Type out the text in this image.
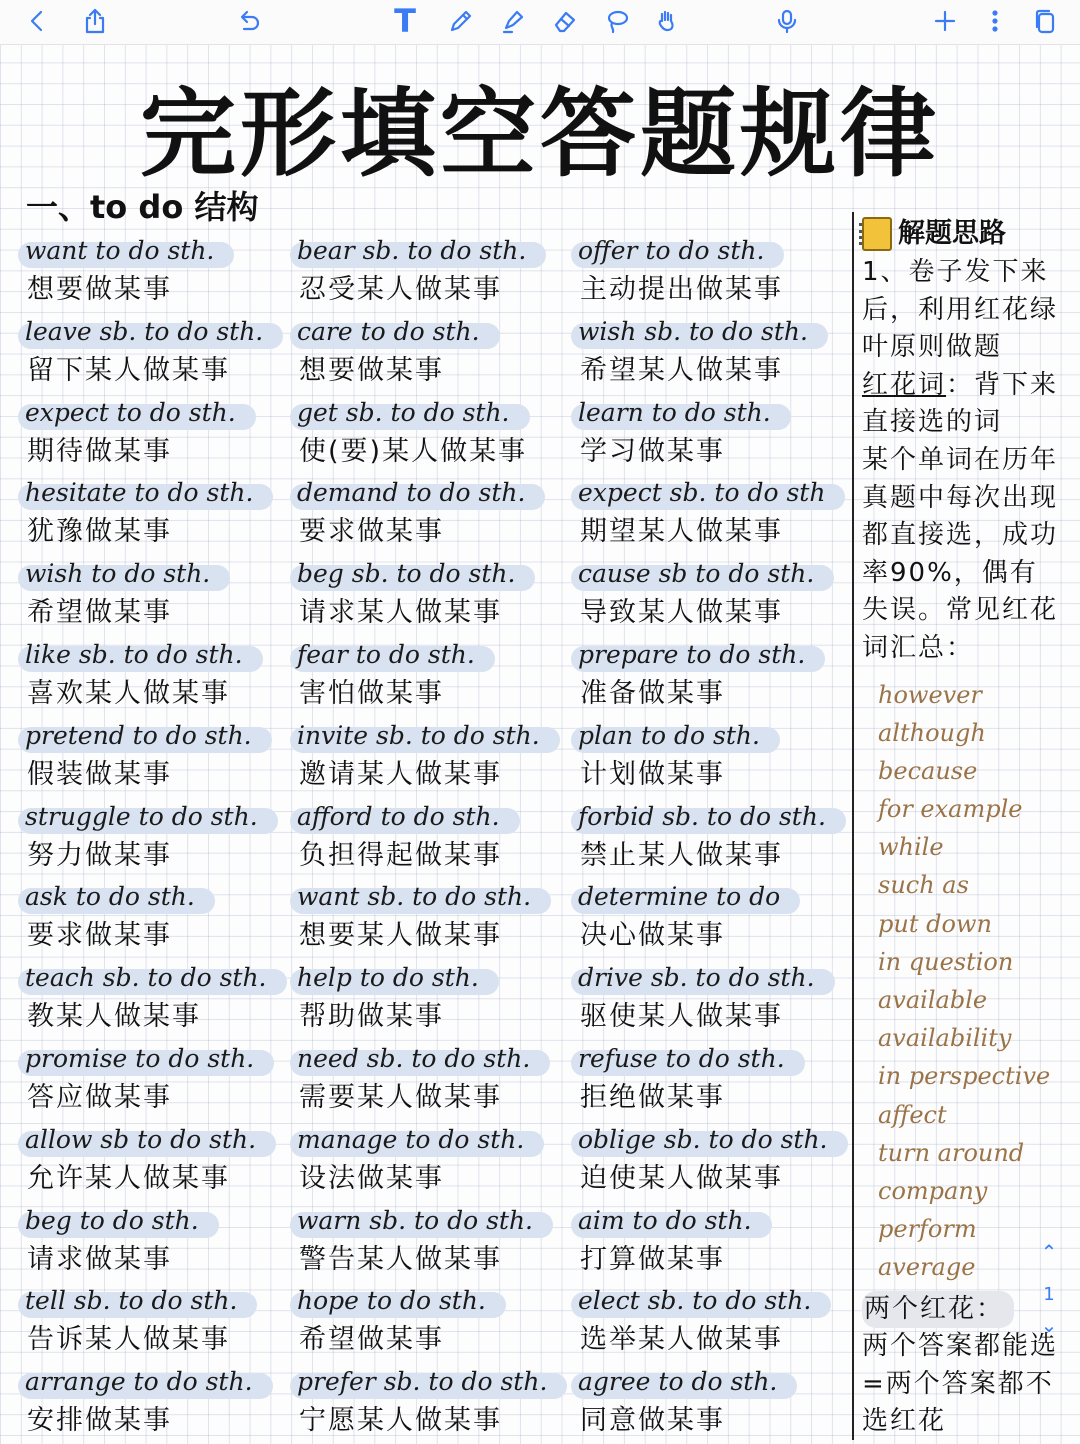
T
完形填空答题规律
一、to do 结构
want to do sth.
想要做某事
bear sb. to do sth.
忍受某人做某事
offer to do sth.
主动提出做某事
leave sb. to do sth.
留下某人做某事
care to do sth.
想要做某事
wish sb. to do sth.
希望某人做某事
expect to do sth.
期待做某事
get sb. to do sth.
使(要)某人做某事
learn to do sth.
学习做某事
hesitate to do sth.
犹豫做某事
demand to do sth.
要求做某事
expect sb. to do sth
期望某人做某事
wish to do sth.
希望做某事
beg sb. to do sth.
请求某人做某事
cause sb to do sth.
导致某人做某事
like sb. to do sth.
喜欢某人做某事
fear to do sth.
害怕做某事
prepare to do sth.
准备做某事
pretend to do sth.
假装做某事
invite sb. to do sth.
邀请某人做某事
plan to do sth.
计划做某事
struggle to do sth.
努力做某事
afford to do sth.
负担得起做某事
forbid sb. to do sth.
禁止某人做某事
ask to do sth.
要求做某事
want sb. to do sth.
想要某人做某事
determine to do
决心做某事
teach sb. to do sth.
教某人做某事
help to do sth.
帮助做某事
drive sb. to do sth.
驱使某人做某事
promise to do sth.
答应做某事
need sb. to do sth.
需要某人做某事
refuse to do sth.
拒绝做某事
allow sb to do sth.
允许某人做某事
manage to do sth.
设法做某事
oblige sb. to do sth.
迫使某人做某事
beg to do sth.
请求做某事
warn sb. to do sth.
警告某人做某事
aim to do sth.
打算做某事
tell sb. to do sth.
告诉某人做某事
hope to do sth.
希望做某事
elect sb. to do sth.
选举某人做某事
arrange to do sth.
安排做某事
prefer sb. to do sth.
宁愿某人做某事
agree to do sth.
同意做某事
解题思路
1、卷子发下来
后，利用红花绿
叶原则做题
红花词：背下来
直接选的词
某个单词在历年
真题中每次出现
都直接选，成功
率90%，偶有
失误。常见红花
词汇总：
however
although
because
for example
while
such as
put down
in question
available
availability
in perspective
affect
turn around
company
perform
average
两个红花：
两个答案都能选
=两个答案都不
选红花
⌃
1
⌄
